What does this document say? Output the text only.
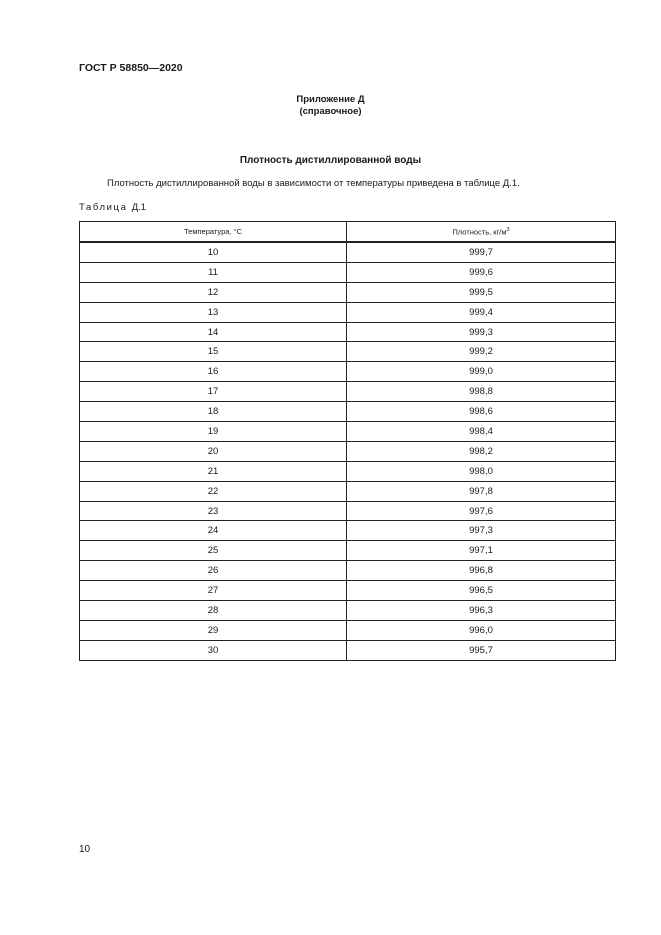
ГОСТ Р 58850—2020
Приложение Д
(справочное)
Плотность дистиллированной воды
Плотность дистиллированной воды в зависимости от температуры приведена в таблице Д.1.
Таблица Д.1
Температура, °С	Плотность, $кг/м^3$
10	999,7
11	999,6
12	999,5
13	999,4
14	999,3
15	999,2
16	999,0
17	998,8
18	998,6
19	998,4
20	998,2
21	998,0
22	997,8
23	997,6
24	997,3
25	997,1
26	996,8
27	996,5
28	996,3
29	996,0
30	995,7
10
